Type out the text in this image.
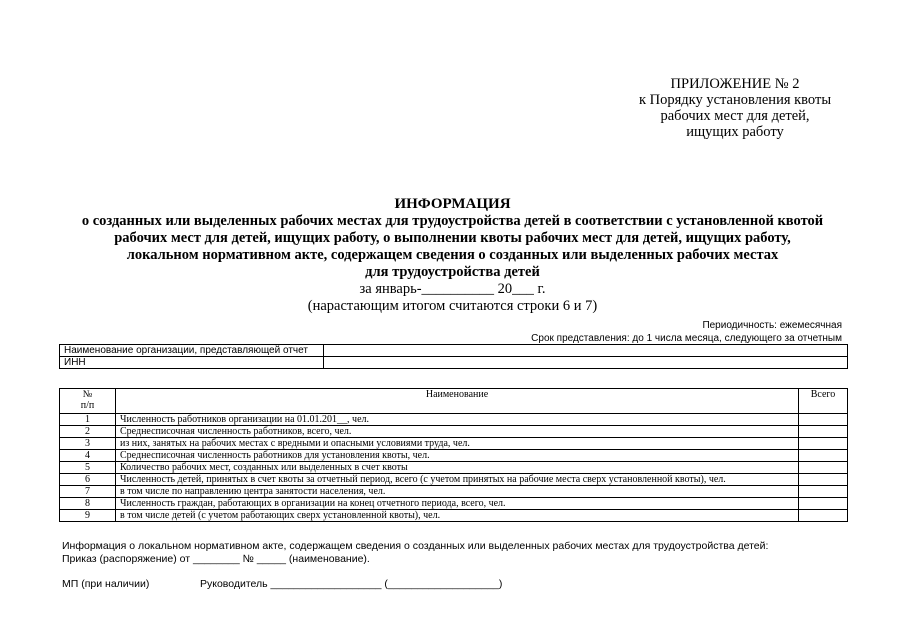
ПРИЛОЖЕНИЕ № 2
к Порядку установления квоты
рабочих мест для детей,
ищущих работу
ИНФОРМАЦИЯ
о созданных или выделенных рабочих местах для трудоустройства детей в соответствии с установленной квотой
рабочих мест для детей, ищущих работу, о выполнении квоты рабочих мест для детей, ищущих работу,
локальном нормативном акте, содержащем сведения о созданных или выделенных рабочих местах
для трудоустройства детей
за январь-__________ 20___ г.
(нарастающим итогом считаются строки 6 и 7)
Периодичность: ежемесячная
Срок представления: до 1 числа месяца, следующего за отчетным
Наименование организации, представляющей отчет	
ИНН	
№
п/п	Наименование	Всего
1	Численность работников организации на 01.01.201__, чел.	
2	Среднесписочная численность работников, всего, чел.	
3	из них, занятых на рабочих местах с вредными и опасными условиями труда, чел.	
4	Среднесписочная численность работников для установления квоты, чел.	
5	Количество рабочих мест, созданных или выделенных в счет квоты	
6	Численность детей, принятых в счет квоты за отчетный период, всего (с учетом принятых на рабочие места сверх установленной квоты), чел.	
7	в том числе по направлению центра занятости населения, чел.	
8	Численность граждан, работающих в организации на конец отчетного периода, всего, чел.	
9	в том числе детей (с учетом работающих сверх установленной квоты), чел.	
Информация о локальном нормативном акте, содержащем сведения о созданных или выделенных рабочих местах для трудоустройства детей:
Приказ (распоряжение) от ________ № _____ (наименование).
МП (при наличии)	Руководитель ___________________ (___________________)
